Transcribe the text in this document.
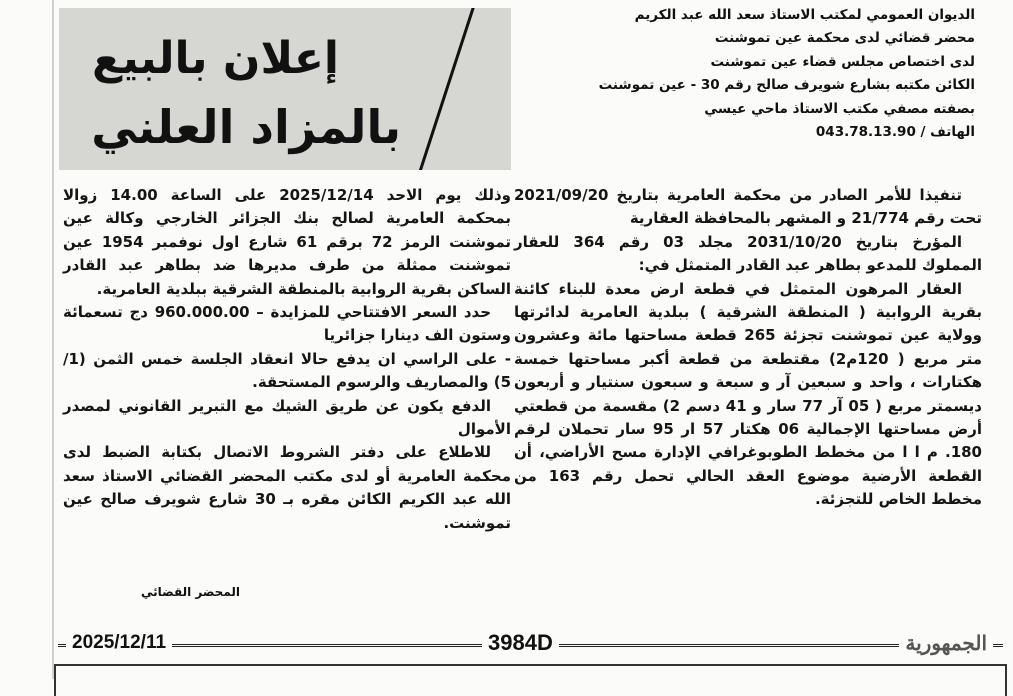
الديوان العمومي لمكتب الاستاذ سعد الله عبد الكريم
محضر قضائي لدى محكمة عين تموشنت
لدى اختصاص مجلس قضاء عين تموشنت
الكائن مكتبه بشارع شويرف صالح رقم 30 - عين تموشنت
بصفته مصفي مكتب الاستاذ ماحي عيسي
الهاتف / 043.78.13.90
إعلان بالبيع
بالمزاد العلني

تنفيذا للأمر الصادر من محكمة العامرية بتاريخ 2021/09/20 تحت رقم 21/774 و المشهر بالمحافظة العقارية

المؤرخ بتاريخ 2031/10/20 مجلد 03 رقم 364 للعقار المملوك للمدعو بطاهر عبد القادر المتمثل في:

العقار المرهون المتمثل في قطعة ارض معدة للبناء كائنة بقرية الروابية ( المنطقة الشرقية ) ببلدية العامرية لدائرتها وولاية عين تموشنت تجزئة 265 قطعة مساحتها مائة وعشرون متر مربع ( 120م2) مقتطعة من قطعة أكبر مساحتها خمسة هكتارات ، واحد و سبعين آر و سبعة و سبعون سنتيار و أربعون ديسمتر مربع ( 05 آر 77 سار و 41 دسم 2) مقسمة من قطعتي أرض مساحتها الإجمالية 06 هكتار 57 ار 95 سار تحملان لرقم 180. م ا ا من مخطط الطوبوغرافي الإدارة مسح الأراضي، أن القطعة الأرضية موضوع العقد الحالي تحمل رقم 163 من مخطط الخاص للتجزئة.

وذلك يوم الاحد 2025/12/14 على الساعة 14.00 زوالا بمحكمة العامرية لصالح بنك الجزائر الخارجي وكالة عين تموشنت الرمز 72 برقم 61 شارع اول نوفمبر 1954 عين تموشنت ممثلة من طرف مديرها ضد بطاهر عبد القادر الساكن بقرية الروابية بالمنطقة الشرقية ببلدية العامرية.

حدد السعر الافتتاحي للمزايدة – 960.000.00 دج تسعمائة وستون الف دينارا جزائريا

- على الراسي ان يدفع حالا انعقاد الجلسة خمس الثمن (1/ 5) والمصاريف والرسوم المستحقة.

الدفع يكون عن طريق الشيك مع التبرير القانوني لمصدر الأموال

للاطلاع على دفتر الشروط الاتصال بكتابة الضبط لدى محكمة العامرية أو لدى مكتب المحضر القضائي الاستاذ سعد الله عبد الكريم الكائن مقره بـ 30 شارع شويرف صالح عين تموشنت.

المحضر القضائي
2025/12/11	3984D	الجمهورية
